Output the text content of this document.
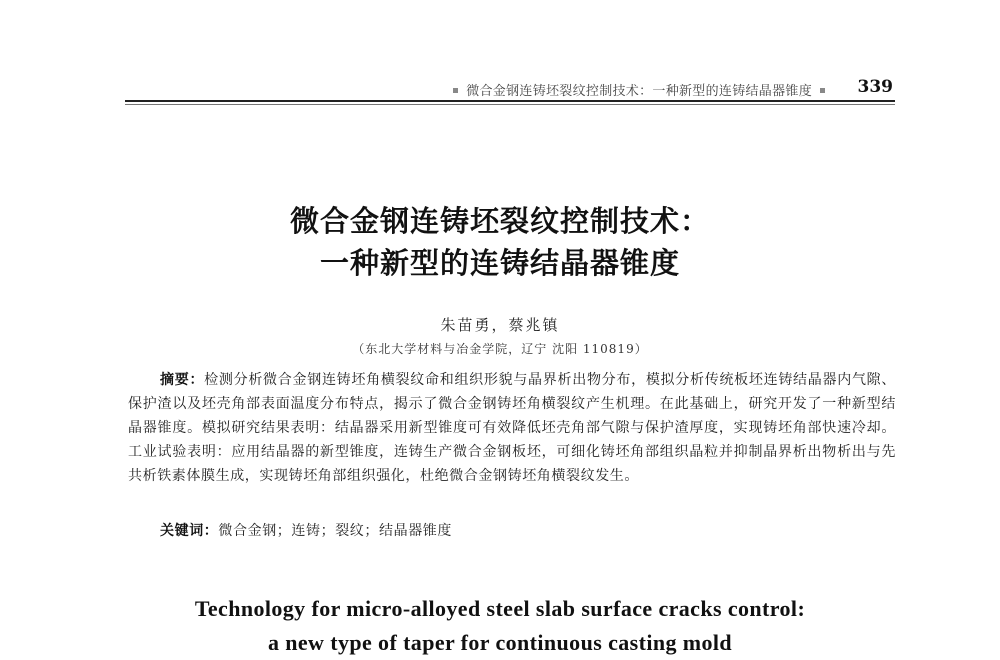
微合金钢连铸坯裂纹控制技术：一种新型的连铸结晶器锥度	339
微合金钢连铸坯裂纹控制技术：
一种新型的连铸结晶器锥度
朱苗勇，蔡兆镇
（东北大学材料与冶金学院，辽宁 沈阳 110819）
摘要：检测分析微合金钢连铸坯角横裂纹命和组织形貌与晶界析出物分布，模拟分析传统板坯连铸结晶器内气隙、保护渣以及坯壳角部表面温度分布特点，揭示了微合金钢铸坯角横裂纹产生机理。在此基础上，研究开发了一种新型结晶器锥度。模拟研究结果表明：结晶器采用新型锥度可有效降低坯壳角部气隙与保护渣厚度，实现铸坯角部快速冷却。工业试验表明：应用结晶器的新型锥度，连铸生产微合金钢板坯，可细化铸坯角部组织晶粒并抑制晶界析出物析出与先共析铁素体膜生成，实现铸坯角部组织强化，杜绝微合金钢铸坯角横裂纹发生。
关键词：微合金钢；连铸；裂纹；结晶器锥度
Technology for micro-alloyed steel slab surface cracks control:
a new type of taper for continuous casting mold
